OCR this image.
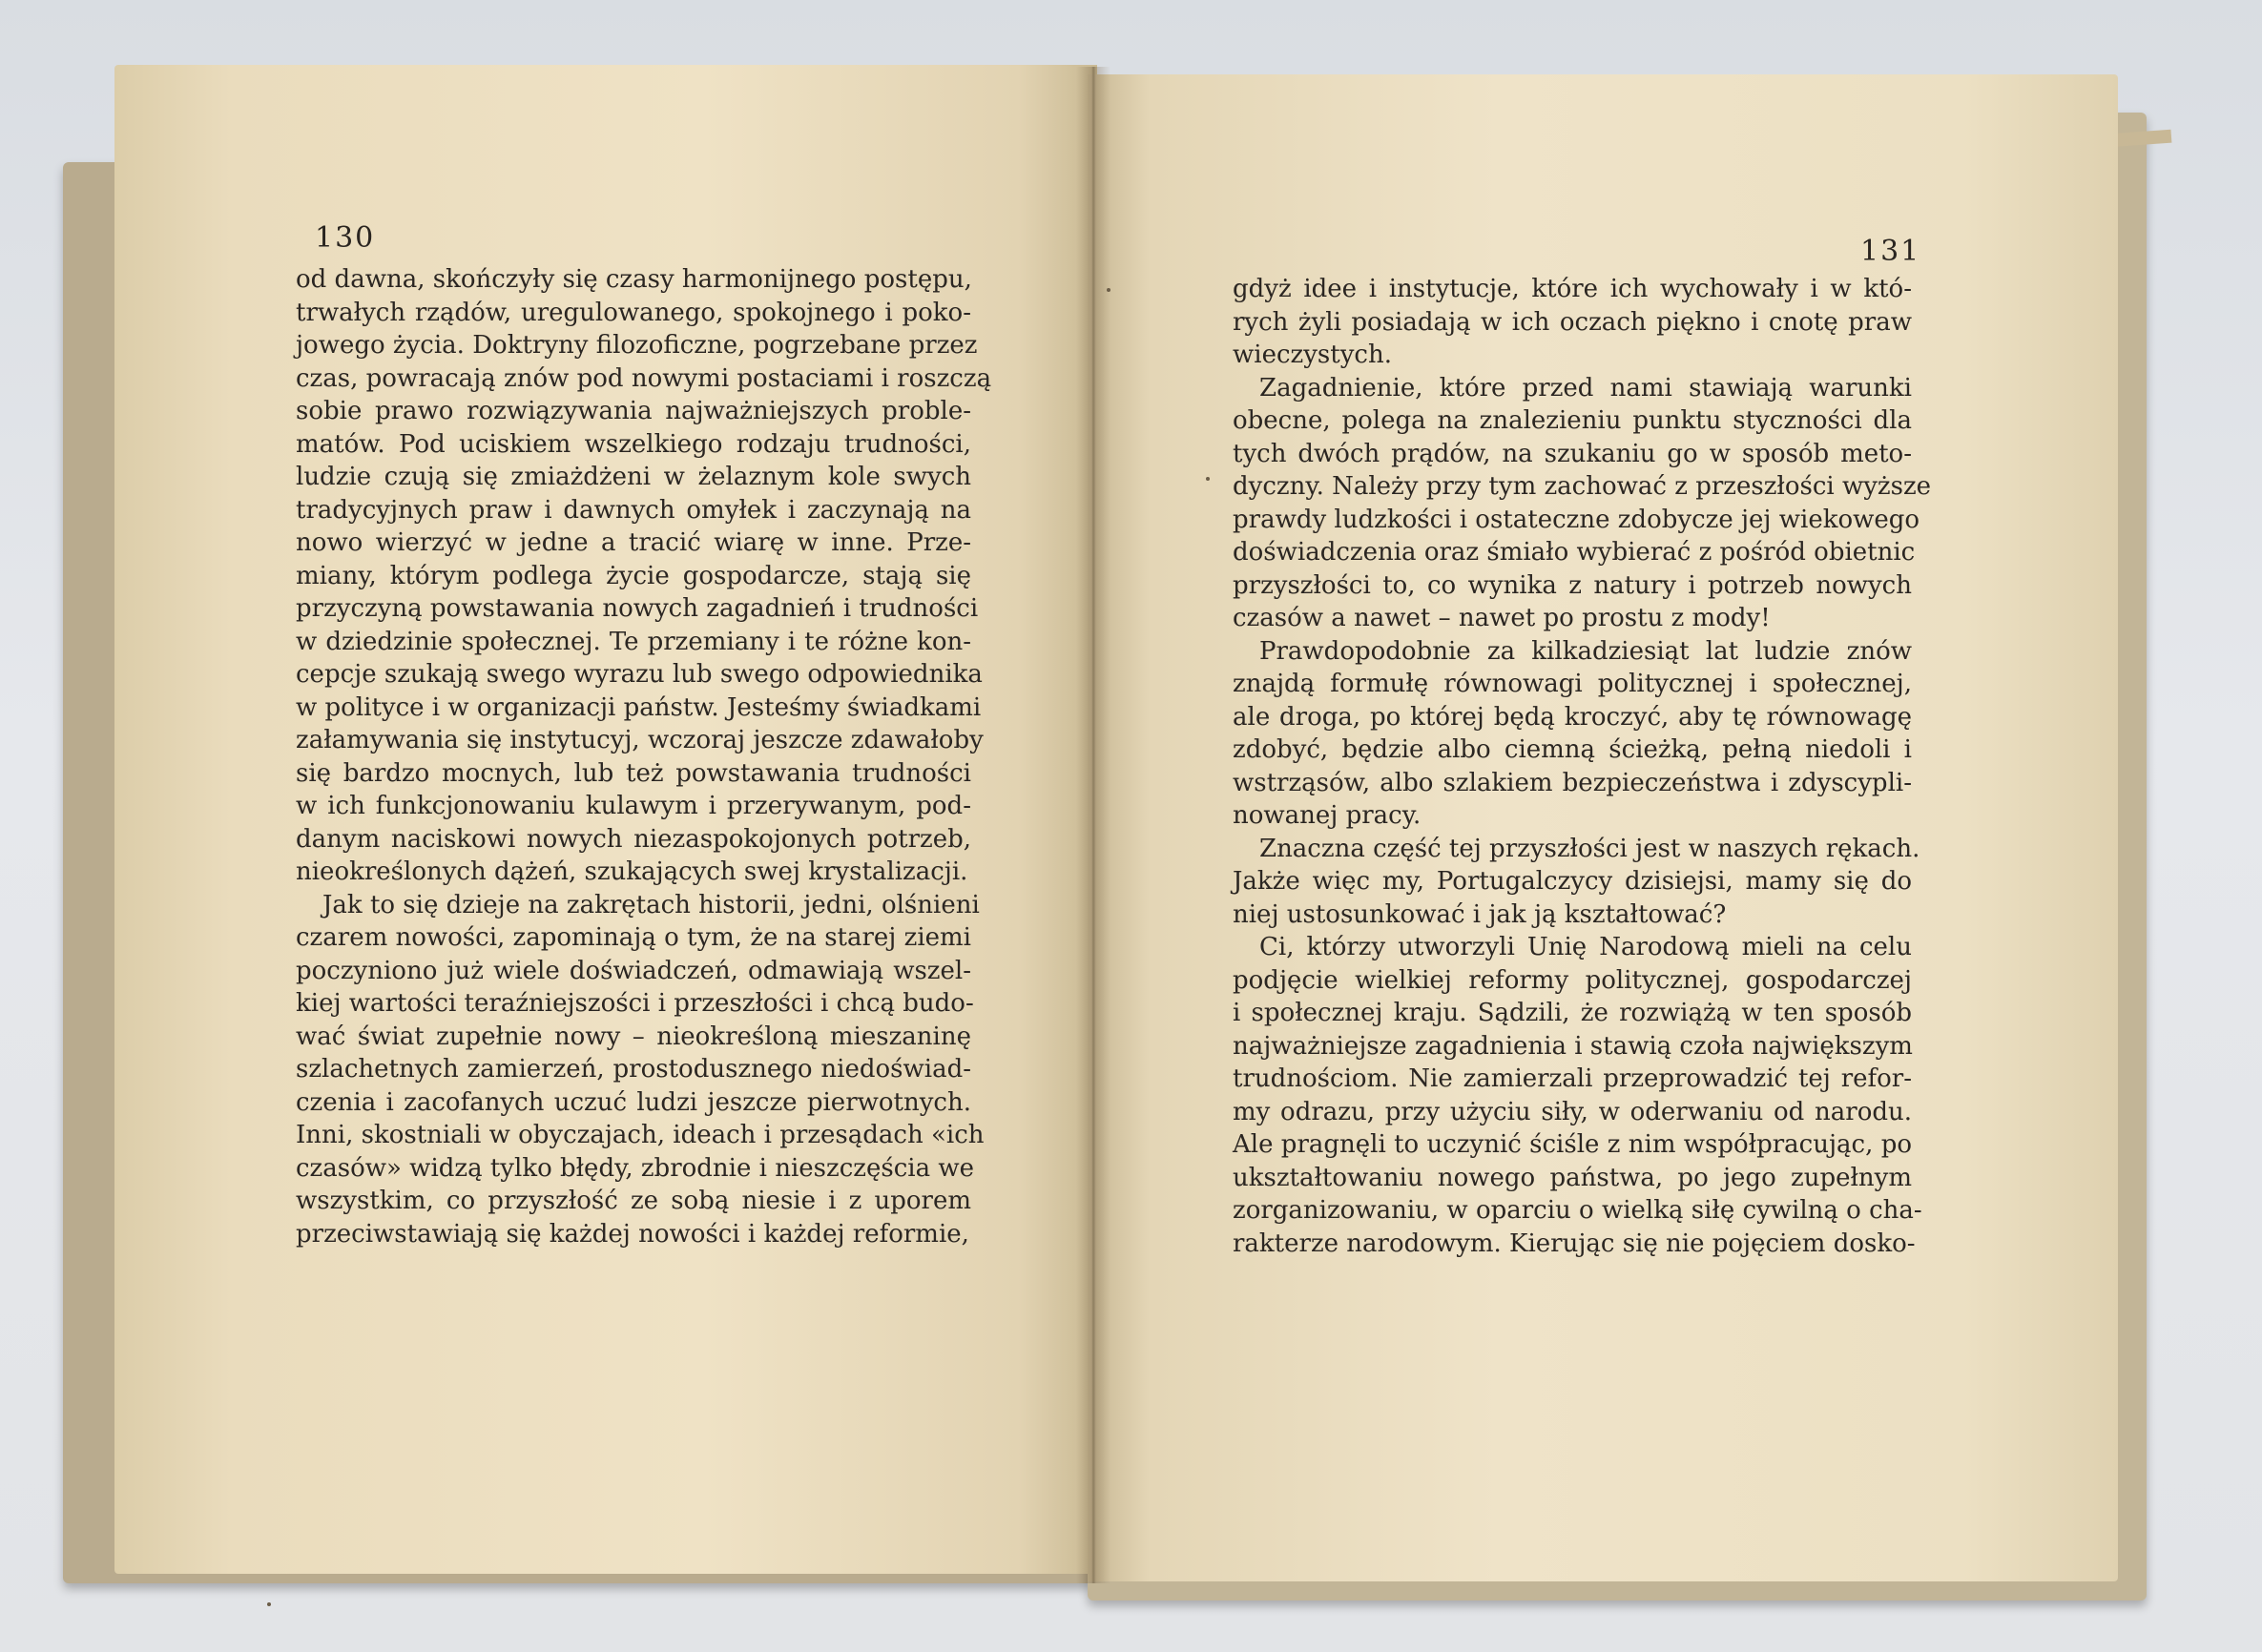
130	131
od dawna, skończyły się czasy harmonijnego postępu,
trwałych rządów, uregulowanego, spokojnego i poko-
jowego życia. Doktryny filozoficzne, pogrzebane przez
czas, powracają znów pod nowymi postaciami i roszczą
sobie prawo rozwiązywania najważniejszych proble-
matów. Pod uciskiem wszelkiego rodzaju trudności,
ludzie czują się zmiażdżeni w żelaznym kole swych
tradycyjnych praw i dawnych omyłek i zaczynają na
nowo wierzyć w jedne a tracić wiarę w inne. Prze-
miany, którym podlega życie gospodarcze, stają się
przyczyną powstawania nowych zagadnień i trudności
w dziedzinie społecznej. Te przemiany i te różne kon-
cepcje szukają swego wyrazu lub swego odpowiednika
w polityce i w organizacji państw. Jesteśmy świadkami
załamywania się instytucyj, wczoraj jeszcze zdawałoby
się bardzo mocnych, lub też powstawania trudności
w ich funkcjonowaniu kulawym i przerywanym, pod-
danym naciskowi nowych niezaspokojonych potrzeb,
nieokreślonych dążeń, szukających swej krystalizacji.
Jak to się dzieje na zakrętach historii, jedni, olśnieni
czarem nowości, zapominają o tym, że na starej ziemi
poczyniono już wiele doświadczeń, odmawiają wszel-
kiej wartości teraźniejszości i przeszłości i chcą budo-
wać świat zupełnie nowy – nieokreśloną mieszaninę
szlachetnych zamierzeń, prostodusznego niedoświad-
czenia i zacofanych uczuć ludzi jeszcze pierwotnych.
Inni, skostniali w obyczajach, ideach i przesądach «ich
czasów» widzą tylko błędy, zbrodnie i nieszczęścia we
wszystkim, co przyszłość ze sobą niesie i z uporem
przeciwstawiają się każdej nowości i każdej reformie,
gdyż idee i instytucje, które ich wychowały i w któ-
rych żyli posiadają w ich oczach piękno i cnotę praw
wieczystych.
Zagadnienie, które przed nami stawiają warunki
obecne, polega na znalezieniu punktu styczności dla
tych dwóch prądów, na szukaniu go w sposób meto-
dyczny. Należy przy tym zachować z przeszłości wyższe
prawdy ludzkości i ostateczne zdobycze jej wiekowego
doświadczenia oraz śmiało wybierać z pośród obietnic
przyszłości to, co wynika z natury i potrzeb nowych
czasów a nawet – nawet po prostu z mody!
Prawdopodobnie za kilkadziesiąt lat ludzie znów
znajdą formułę równowagi politycznej i społecznej,
ale droga, po której będą kroczyć, aby tę równowagę
zdobyć, będzie albo ciemną ścieżką, pełną niedoli i
wstrząsów, albo szlakiem bezpieczeństwa i zdyscypli-
nowanej pracy.
Znaczna część tej przyszłości jest w naszych rękach.
Jakże więc my, Portugalczycy dzisiejsi, mamy się do
niej ustosunkować i jak ją kształtować?
Ci, którzy utworzyli Unię Narodową mieli na celu
podjęcie wielkiej reformy politycznej, gospodarczej
i społecznej kraju. Sądzili, że rozwiążą w ten sposób
najważniejsze zagadnienia i stawią czoła największym
trudnościom. Nie zamierzali przeprowadzić tej refor-
my odrazu, przy użyciu siły, w oderwaniu od narodu.
Ale pragnęli to uczynić ściśle z nim współpracując, po
ukształtowaniu nowego państwa, po jego zupełnym
zorganizowaniu, w oparciu o wielką siłę cywilną o cha-
rakterze narodowym. Kierując się nie pojęciem dosko-
